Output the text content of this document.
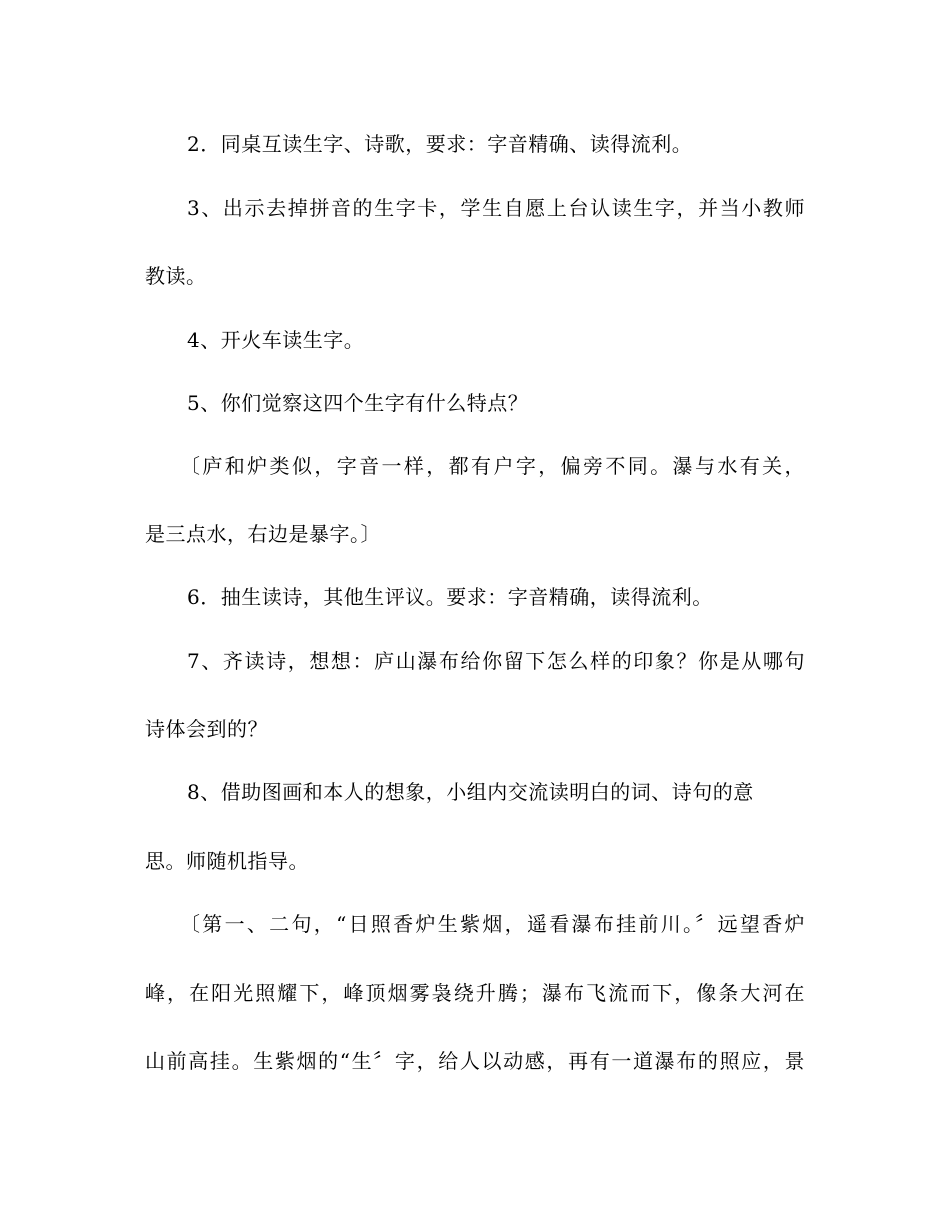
2．同桌互读生字、诗歌，要求：字音精确、读得流利。
3、出示去掉拼音的生字卡，学生自愿上台认读生字，并当小教师
教读。
4、开火车读生字。
5、你们觉察这四个生字有什么特点？
〔庐和炉类似，字音一样，都有户字，偏旁不同。瀑与水有关，
是三点水，右边是暴字。〕
6．抽生读诗，其他生评议。要求：字音精确，读得流利。
7、齐读诗，想想：庐山瀑布给你留下怎么样的印象？你是从哪句
诗体会到的？
8、借助图画和本人的想象，小组内交流读明白的词、诗句的意
思。师随机指导。
〔第一、二句，“日照香炉生紫烟，遥看瀑布挂前川。〞远望香炉
峰，在阳光照耀下，峰顶烟雾袅绕升腾；瀑布飞流而下，像条大河在
山前高挂。生紫烟的“生〞字，给人以动感，再有一道瀑布的照应，景
